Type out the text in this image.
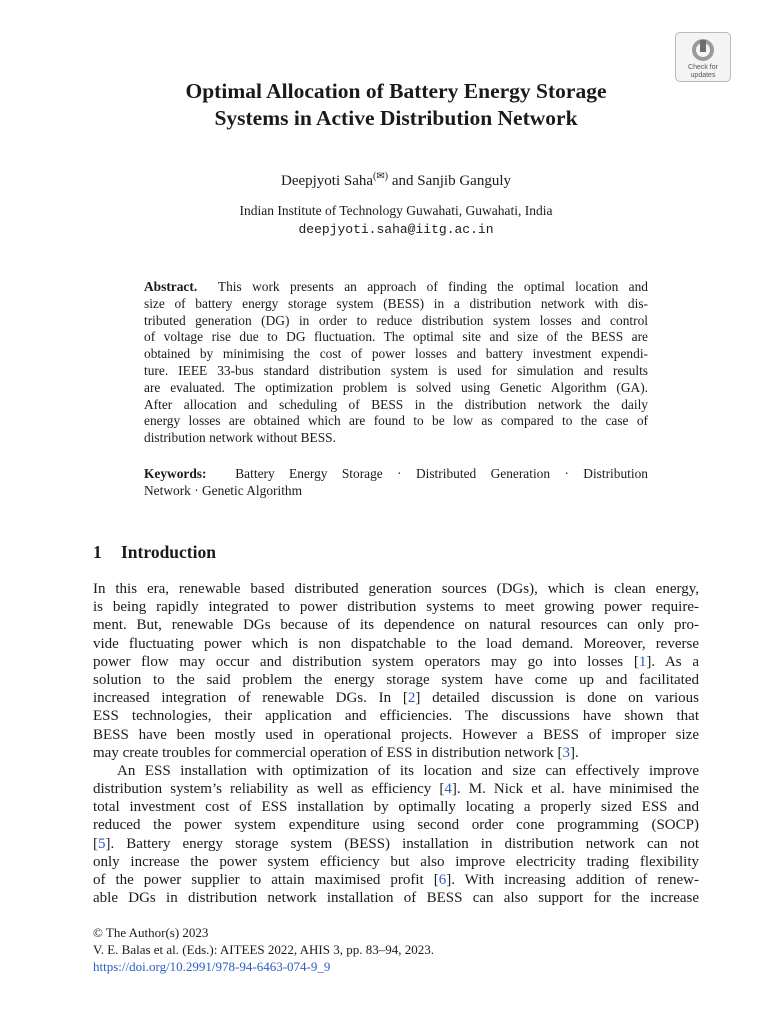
Check for
updates
Optimal Allocation of Battery Energy Storage
Systems in Active Distribution Network
Deepjyoti Saha(✉) and Sanjib Ganguly
Indian Institute of Technology Guwahati, Guwahati, India
deepjyoti.saha@iitg.ac.in
Abstract. This work presents an approach of finding the optimal location and
size of battery energy storage system (BESS) in a distribution network with dis-
tributed generation (DG) in order to reduce distribution system losses and control
of voltage rise due to DG fluctuation. The optimal site and size of the BESS are
obtained by minimising the cost of power losses and battery investment expendi-
ture. IEEE 33-bus standard distribution system is used for simulation and results
are evaluated. The optimization problem is solved using Genetic Algorithm (GA).
After allocation and scheduling of BESS in the distribution network the daily
energy losses are obtained which are found to be low as compared to the case of
distribution network without BESS.
Keywords: Battery Energy Storage · Distributed Generation · Distribution
Network · Genetic Algorithm
1 Introduction
In this era, renewable based distributed generation sources (DGs), which is clean energy,
is being rapidly integrated to power distribution systems to meet growing power require-
ment. But, renewable DGs because of its dependence on natural resources can only pro-
vide fluctuating power which is non dispatchable to the load demand. Moreover, reverse
power flow may occur and distribution system operators may go into losses [1]. As a
solution to the said problem the energy storage system have come up and facilitated
increased integration of renewable DGs. In [2] detailed discussion is done on various
ESS technologies, their application and efficiencies. The discussions have shown that
BESS have been mostly used in operational projects. However a BESS of improper size
may create troubles for commercial operation of ESS in distribution network [3].
An ESS installation with optimization of its location and size can effectively improve
distribution system’s reliability as well as efficiency [4]. M. Nick et al. have minimised the
total investment cost of ESS installation by optimally locating a properly sized ESS and
reduced the power system expenditure using second order cone programming (SOCP)
[5]. Battery energy storage system (BESS) installation in distribution network can not
only increase the power system efficiency but also improve electricity trading flexibility
of the power supplier to attain maximised profit [6]. With increasing addition of renew-
able DGs in distribution network installation of BESS can also support for the increase
© The Author(s) 2023
V. E. Balas et al. (Eds.): AITEES 2022, AHIS 3, pp. 83–94, 2023.
https://doi.org/10.2991/978-94-6463-074-9_9
